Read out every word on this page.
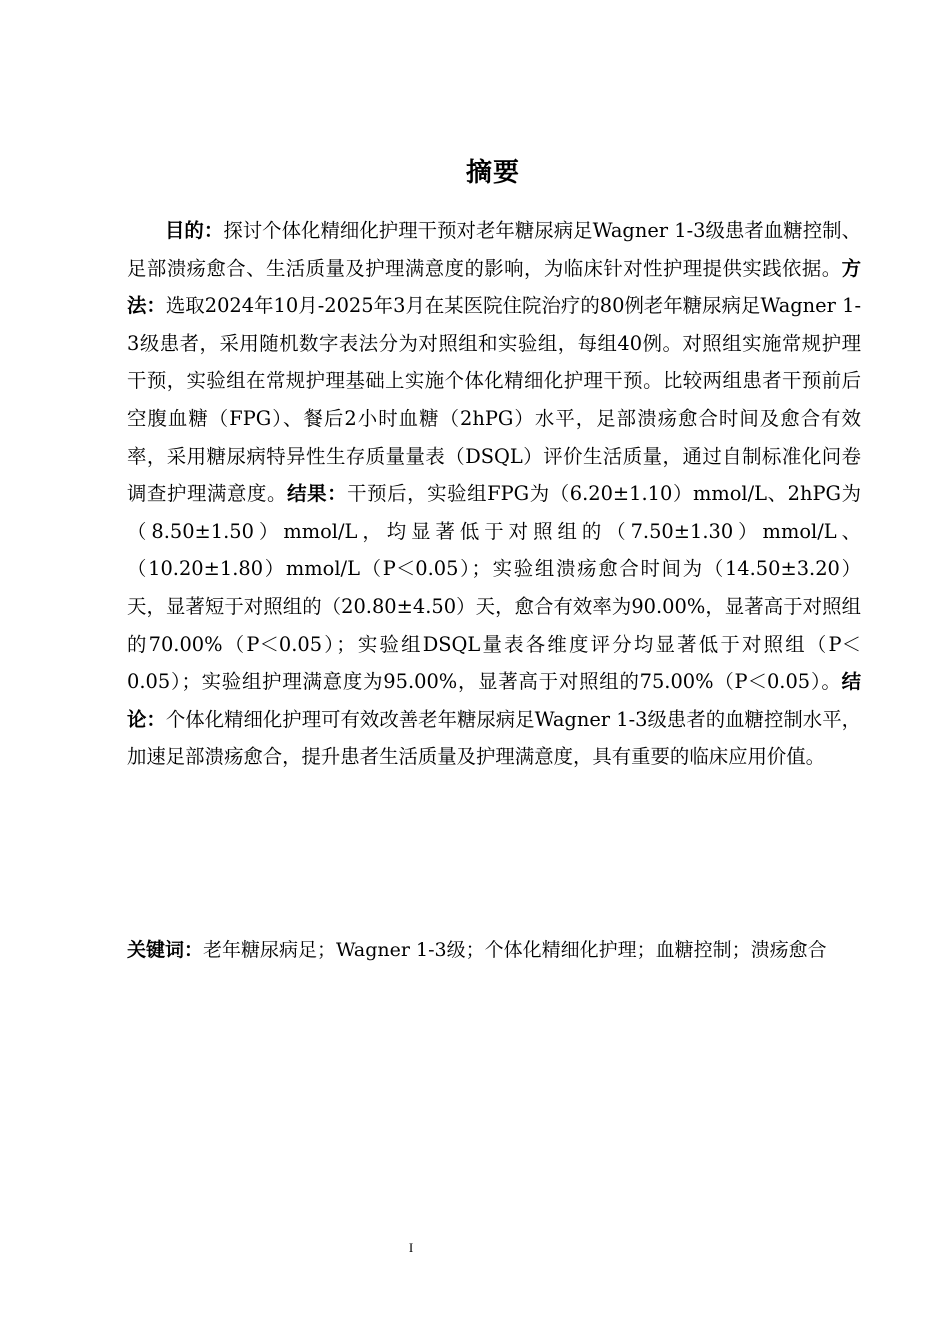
摘要

目的：探讨个体化精细化护理干预对老年糖尿病足Wagner 1-3级患者血糖控制、足部溃疡愈合、生活质量及护理满意度的影响，为临床针对性护理提供实践依据。方法：选取2024年10月-2025年3月在某医院住院治疗的80例老年糖尿病足Wagner 1-3级患者，采用随机数字表法分为对照组和实验组，每组40例。对照组实施常规护理干预，实验组在常规护理基础上实施个体化精细化护理干预。比较两组患者干预前后空腹血糖（FPG）、餐后2小时血糖（2hPG）水平，足部溃疡愈合时间及愈合有效率，采用糖尿病特异性生存质量量表（DSQL）评价生活质量，通过自制标准化问卷调查护理满意度。结果：干预后，实验组FPG为（6.20±1.10）mmol/L、2hPG为（8.50±1.50）mmol/L，均显著低于对照组的（7.50±1.30）mmol/L、（10.20±1.80）mmol/L（P＜0.05）；实验组溃疡愈合时间为（14.50±3.20）天，显著短于对照组的（20.80±4.50）天，愈合有效率为90.00%，显著高于对照组的70.00%（P＜0.05）；实验组DSQL量表各维度评分均显著低于对照组（P＜0.05）；实验组护理满意度为95.00%，显著高于对照组的75.00%（P＜0.05）。结论：个体化精细化护理可有效改善老年糖尿病足Wagner 1-3级患者的血糖控制水平，加速足部溃疡愈合，提升患者生活质量及护理满意度，具有重要的临床应用价值。

关键词：老年糖尿病足；Wagner 1-3级；个体化精细化护理；血糖控制；溃疡愈合

I
